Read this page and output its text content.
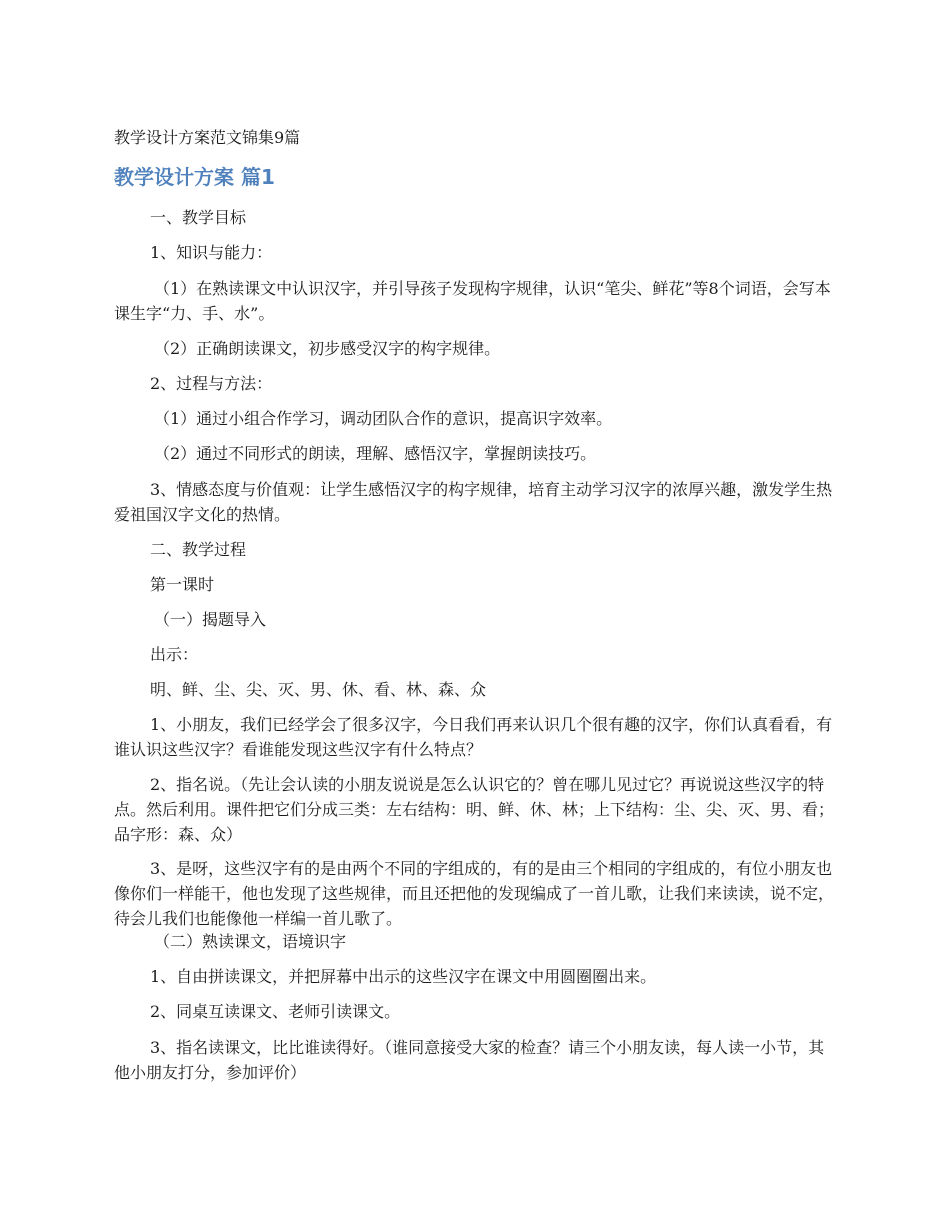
教学设计方案范文锦集9篇
教学设计方案 篇1

一、教学目标

1、知识与能力：

（1）在熟读课文中认识汉字，并引导孩子发现构字规律，认识“笔尖、鲜花”等8个词语，会写本课生字“力、手、水”。

（2）正确朗读课文，初步感受汉字的构字规律。

2、过程与方法：

（1）通过小组合作学习，调动团队合作的意识，提高识字效率。

（2）通过不同形式的朗读，理解、感悟汉字，掌握朗读技巧。

3、情感态度与价值观：让学生感悟汉字的构字规律，培育主动学习汉字的浓厚兴趣，激发学生热爱祖国汉字文化的热情。

二、教学过程

第一课时

（一）揭题导入

出示：

明、鲜、尘、尖、灭、男、休、看、林、森、众

1、小朋友，我们已经学会了很多汉字，今日我们再来认识几个很有趣的汉字，你们认真看看，有谁认识这些汉字？看谁能发现这些汉字有什么特点？

2、指名说。（先让会认读的小朋友说说是怎么认识它的？曾在哪儿见过它？再说说这些汉字的特点。然后利用。课件把它们分成三类：左右结构：明、鲜、休、林；上下结构：尘、尖、灭、男、看；品字形：森、众）

3、是呀，这些汉字有的是由两个不同的字组成的，有的是由三个相同的字组成的，有位小朋友也像你们一样能干，他也发现了这些规律，而且还把他的发现编成了一首儿歌，让我们来读读，说不定，待会儿我们也能像他一样编一首儿歌了。

（二）熟读课文，语境识字

1、自由拼读课文，并把屏幕中出示的这些汉字在课文中用圆圈圈出来。

2、同桌互读课文、老师引读课文。

3、指名读课文，比比谁读得好。（谁同意接受大家的检查？请三个小朋友读，每人读一小节，其他小朋友打分，参加评价）
